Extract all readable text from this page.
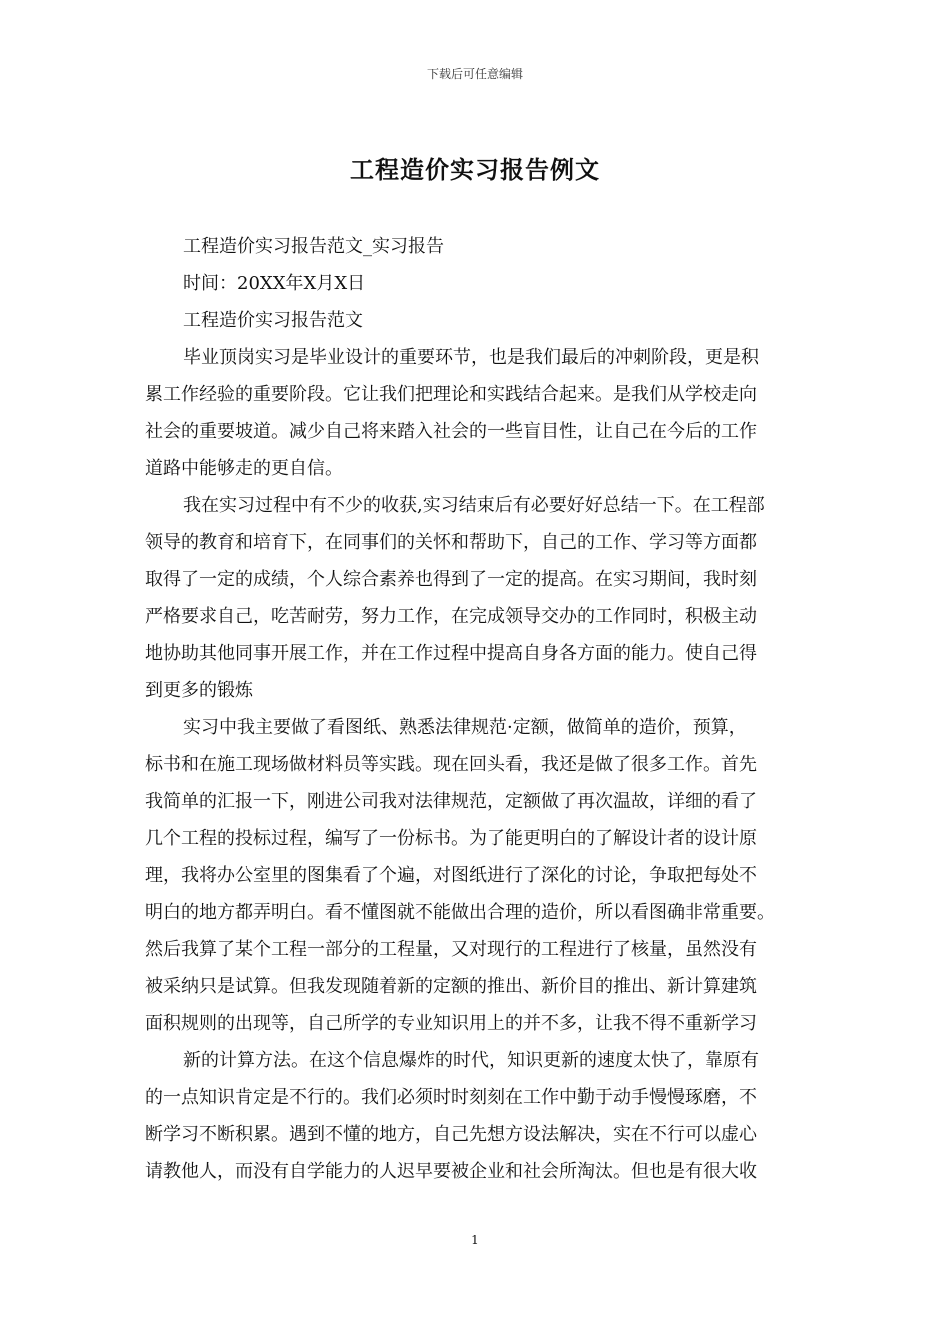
下载后可任意编辑
工程造价实习报告例文
工程造价实习报告范文_实习报告
时间：20XX年X月X日
工程造价实习报告范文
毕业顶岗实习是毕业设计的重要环节，也是我们最后的冲刺阶段，更是积
累工作经验的重要阶段。它让我们把理论和实践结合起来。是我们从学校走向
社会的重要坡道。减少自己将来踏入社会的一些盲目性，让自己在今后的工作
道路中能够走的更自信。
我在实习过程中有不少的收获,实习结束后有必要好好总结一下。在工程部
领导的教育和培育下，在同事们的关怀和帮助下，自己的工作、学习等方面都
取得了一定的成绩，个人综合素养也得到了一定的提高。在实习期间，我时刻
严格要求自己，吃苦耐劳，努力工作，在完成领导交办的工作同时，积极主动
地协助其他同事开展工作，并在工作过程中提高自身各方面的能力。使自己得
到更多的锻炼
实习中我主要做了看图纸、熟悉法律规范·定额，做简单的造价，预算，
标书和在施工现场做材料员等实践。现在回头看，我还是做了很多工作。首先
我简单的汇报一下，刚进公司我对法律规范，定额做了再次温故，详细的看了
几个工程的投标过程，编写了一份标书。为了能更明白的了解设计者的设计原
理，我将办公室里的图集看了个遍，对图纸进行了深化的讨论，争取把每处不
明白的地方都弄明白。看不懂图就不能做出合理的造价，所以看图确非常重要。
然后我算了某个工程一部分的工程量，又对现行的工程进行了核量，虽然没有
被采纳只是试算。但我发现随着新的定额的推出、新价目的推出、新计算建筑
面积规则的出现等，自己所学的专业知识用上的并不多，让我不得不重新学习
新的计算方法。在这个信息爆炸的时代，知识更新的速度太快了，靠原有
的一点知识肯定是不行的。我们必须时时刻刻在工作中勤于动手慢慢琢磨，不
断学习不断积累。遇到不懂的地方，自己先想方设法解决，实在不行可以虚心
请教他人，而没有自学能力的人迟早要被企业和社会所淘汰。但也是有很大收
1
